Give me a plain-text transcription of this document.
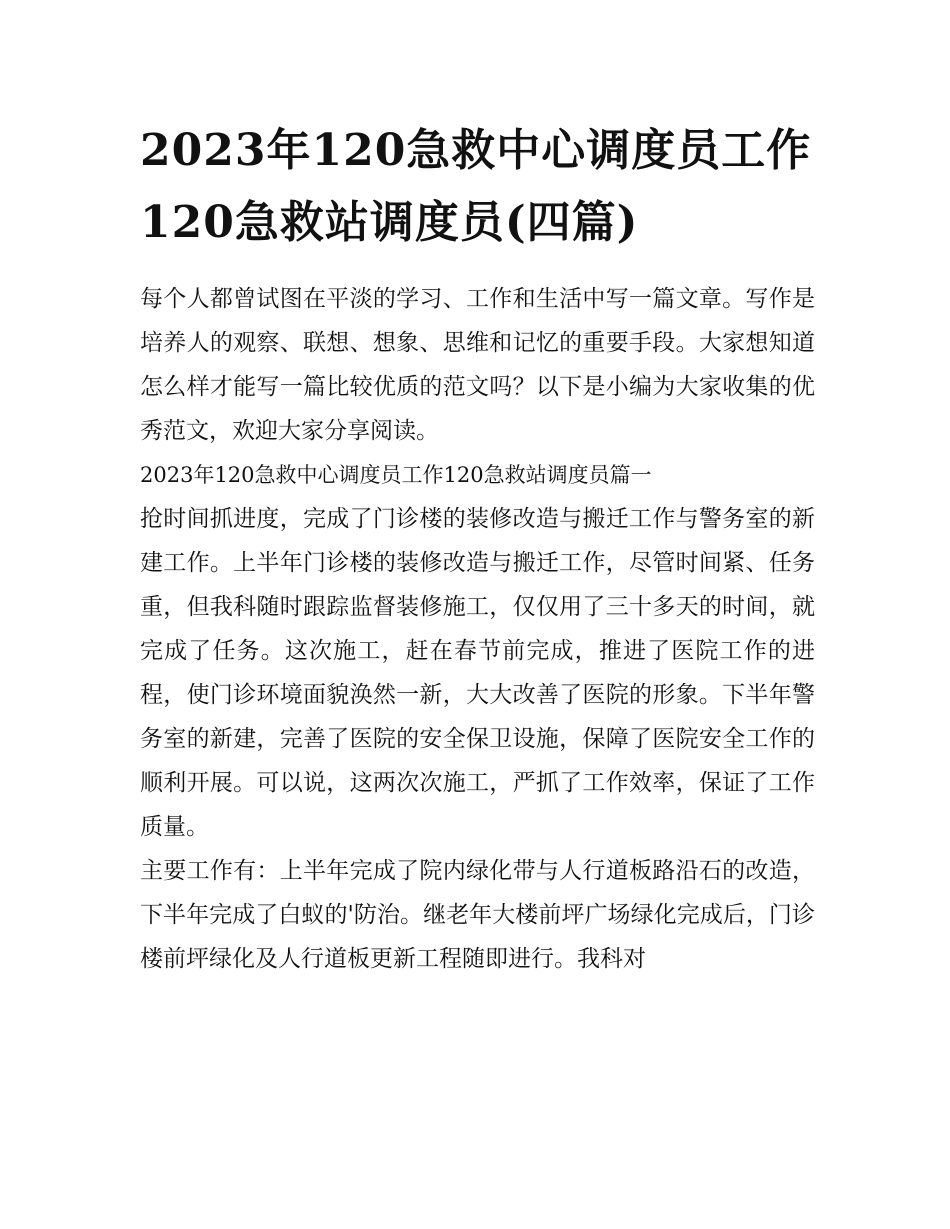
2023年120急救中心调度员工作120急救站调度员(四篇)

每个人都曾试图在平淡的学习、工作和生活中写一篇文章。写作是培养人的观察、联想、想象、思维和记忆的重要手段。大家想知道怎么样才能写一篇比较优质的范文吗？以下是小编为大家收集的优秀范文，欢迎大家分享阅读。

2023年120急救中心调度员工作120急救站调度员篇一

抢时间抓进度，完成了门诊楼的装修改造与搬迁工作与警务室的新建工作。上半年门诊楼的装修改造与搬迁工作，尽管时间紧、任务重，但我科随时跟踪监督装修施工，仅仅用了三十多天的时间，就完成了任务。这次施工，赶在春节前完成，推进了医院工作的进程，使门诊环境面貌涣然一新，大大改善了医院的形象。下半年警务室的新建，完善了医院的安全保卫设施，保障了医院安全工作的顺利开展。可以说，这两次次施工，严抓了工作效率，保证了工作质量。

主要工作有：上半年完成了院内绿化带与人行道板路沿石的改造，下半年完成了白蚁的'防治。继老年大楼前坪广场绿化完成后，门诊楼前坪绿化及人行道板更新工程随即进行。我科对
